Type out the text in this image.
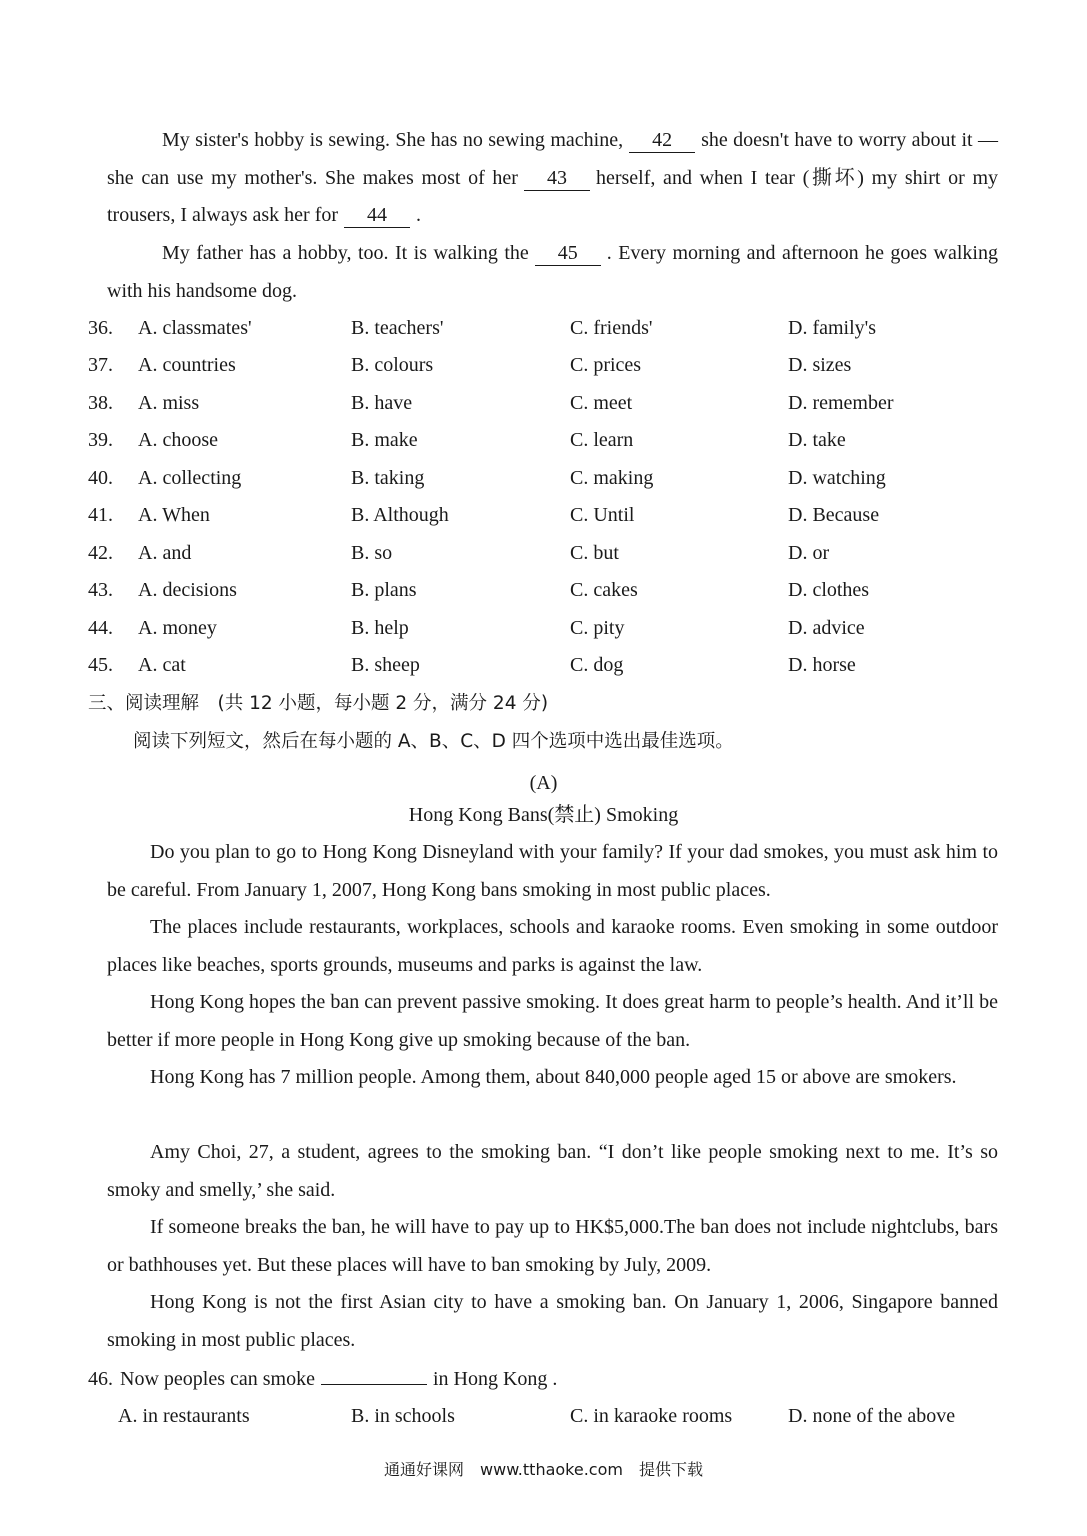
My sister's hobby is sewing. She has no sewing machine, 42 she doesn't have to worry about it — she can use my mother's. She makes most of her 43 herself, and when I tear (撕坏) my shirt or my trousers, I always ask her for 44 .

My father has a hobby, too. It is walking the 45 . Every morning and afternoon he goes walking with his handsome dog.

36. A. classmates'	B. teachers'	C. friends'	D. family's
37. A. countries	B. colours	C. prices	D. sizes
38. A. miss	B. have	C. meet	D. remember
39. A. choose	B. make	C. learn	D. take
40. A. collecting	B. taking	C. making	D. watching
41. A. When	B. Although	C. Until	D. Because
42. A. and	B. so	C. but	D. or
43. A. decisions	B. plans	C. cakes	D. clothes
44. A. money	B. help	C. pity	D. advice
45. A. cat	B. sheep	C. dog	D. horse
三、阅读理解　(共 12 小题，每小题 2 分，满分 24 分)
阅读下列短文，然后在每小题的 A、B、C、D 四个选项中选出最佳选项。
(A)
Hong Kong Bans(禁止) Smoking

Do you plan to go to Hong Kong Disneyland with your family? If your dad smokes, you must ask him to be careful. From January 1, 2007, Hong Kong bans smoking in most public places.

The places include restaurants, workplaces, schools and karaoke rooms. Even smoking in some outdoor places like beaches, sports grounds, museums and parks is against the law.

Hong Kong hopes the ban can prevent passive smoking. It does great harm to people’s health. And it’ll be better if more people in Hong Kong give up smoking because of the ban.

Hong Kong has 7 million people. Among them, about 840,000 people aged 15 or above are smokers.

Amy Choi, 27, a student, agrees to the smoking ban. “I don’t like people smoking next to me. It’s so smoky and smelly,’ she said.

If someone breaks the ban, he will have to pay up to HK$5,000.The ban does not include nightclubs, bars or bathhouses yet. But these places will have to ban smoking by July, 2009.

Hong Kong is not the first Asian city to have a smoking ban. On January 1, 2006, Singapore banned smoking in most public places.

46. Now peoples can smoke	in Hong Kong .
A. in restaurants	B. in schools	C. in karaoke rooms	D. none of the above
通通好课网　www.tthaoke.com　提供下载
